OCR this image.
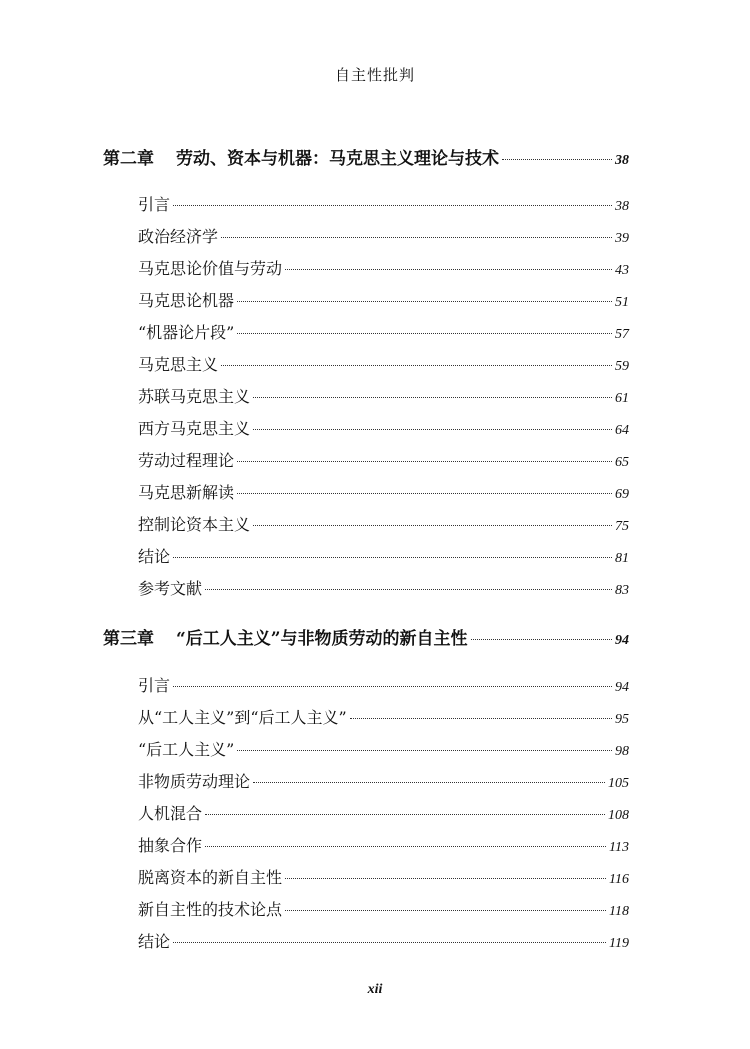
自主性批判
第二章 劳动、资本与机器：马克思主义理论与技术	38
引言	38
政治经济学	39
马克思论价值与劳动	43
马克思论机器	51
“机器论片段”	57
马克思主义	59
苏联马克思主义	61
西方马克思主义	64
劳动过程理论	65
马克思新解读	69
控制论资本主义	75
结论	81
参考文献	83
第三章 “后工人主义”与非物质劳动的新自主性	94
引言	94
从“工人主义”到“后工人主义”	95
“后工人主义”	98
非物质劳动理论	105
人机混合	108
抽象合作	113
脱离资本的新自主性	116
新自主性的技术论点	118
结论	119
xii
